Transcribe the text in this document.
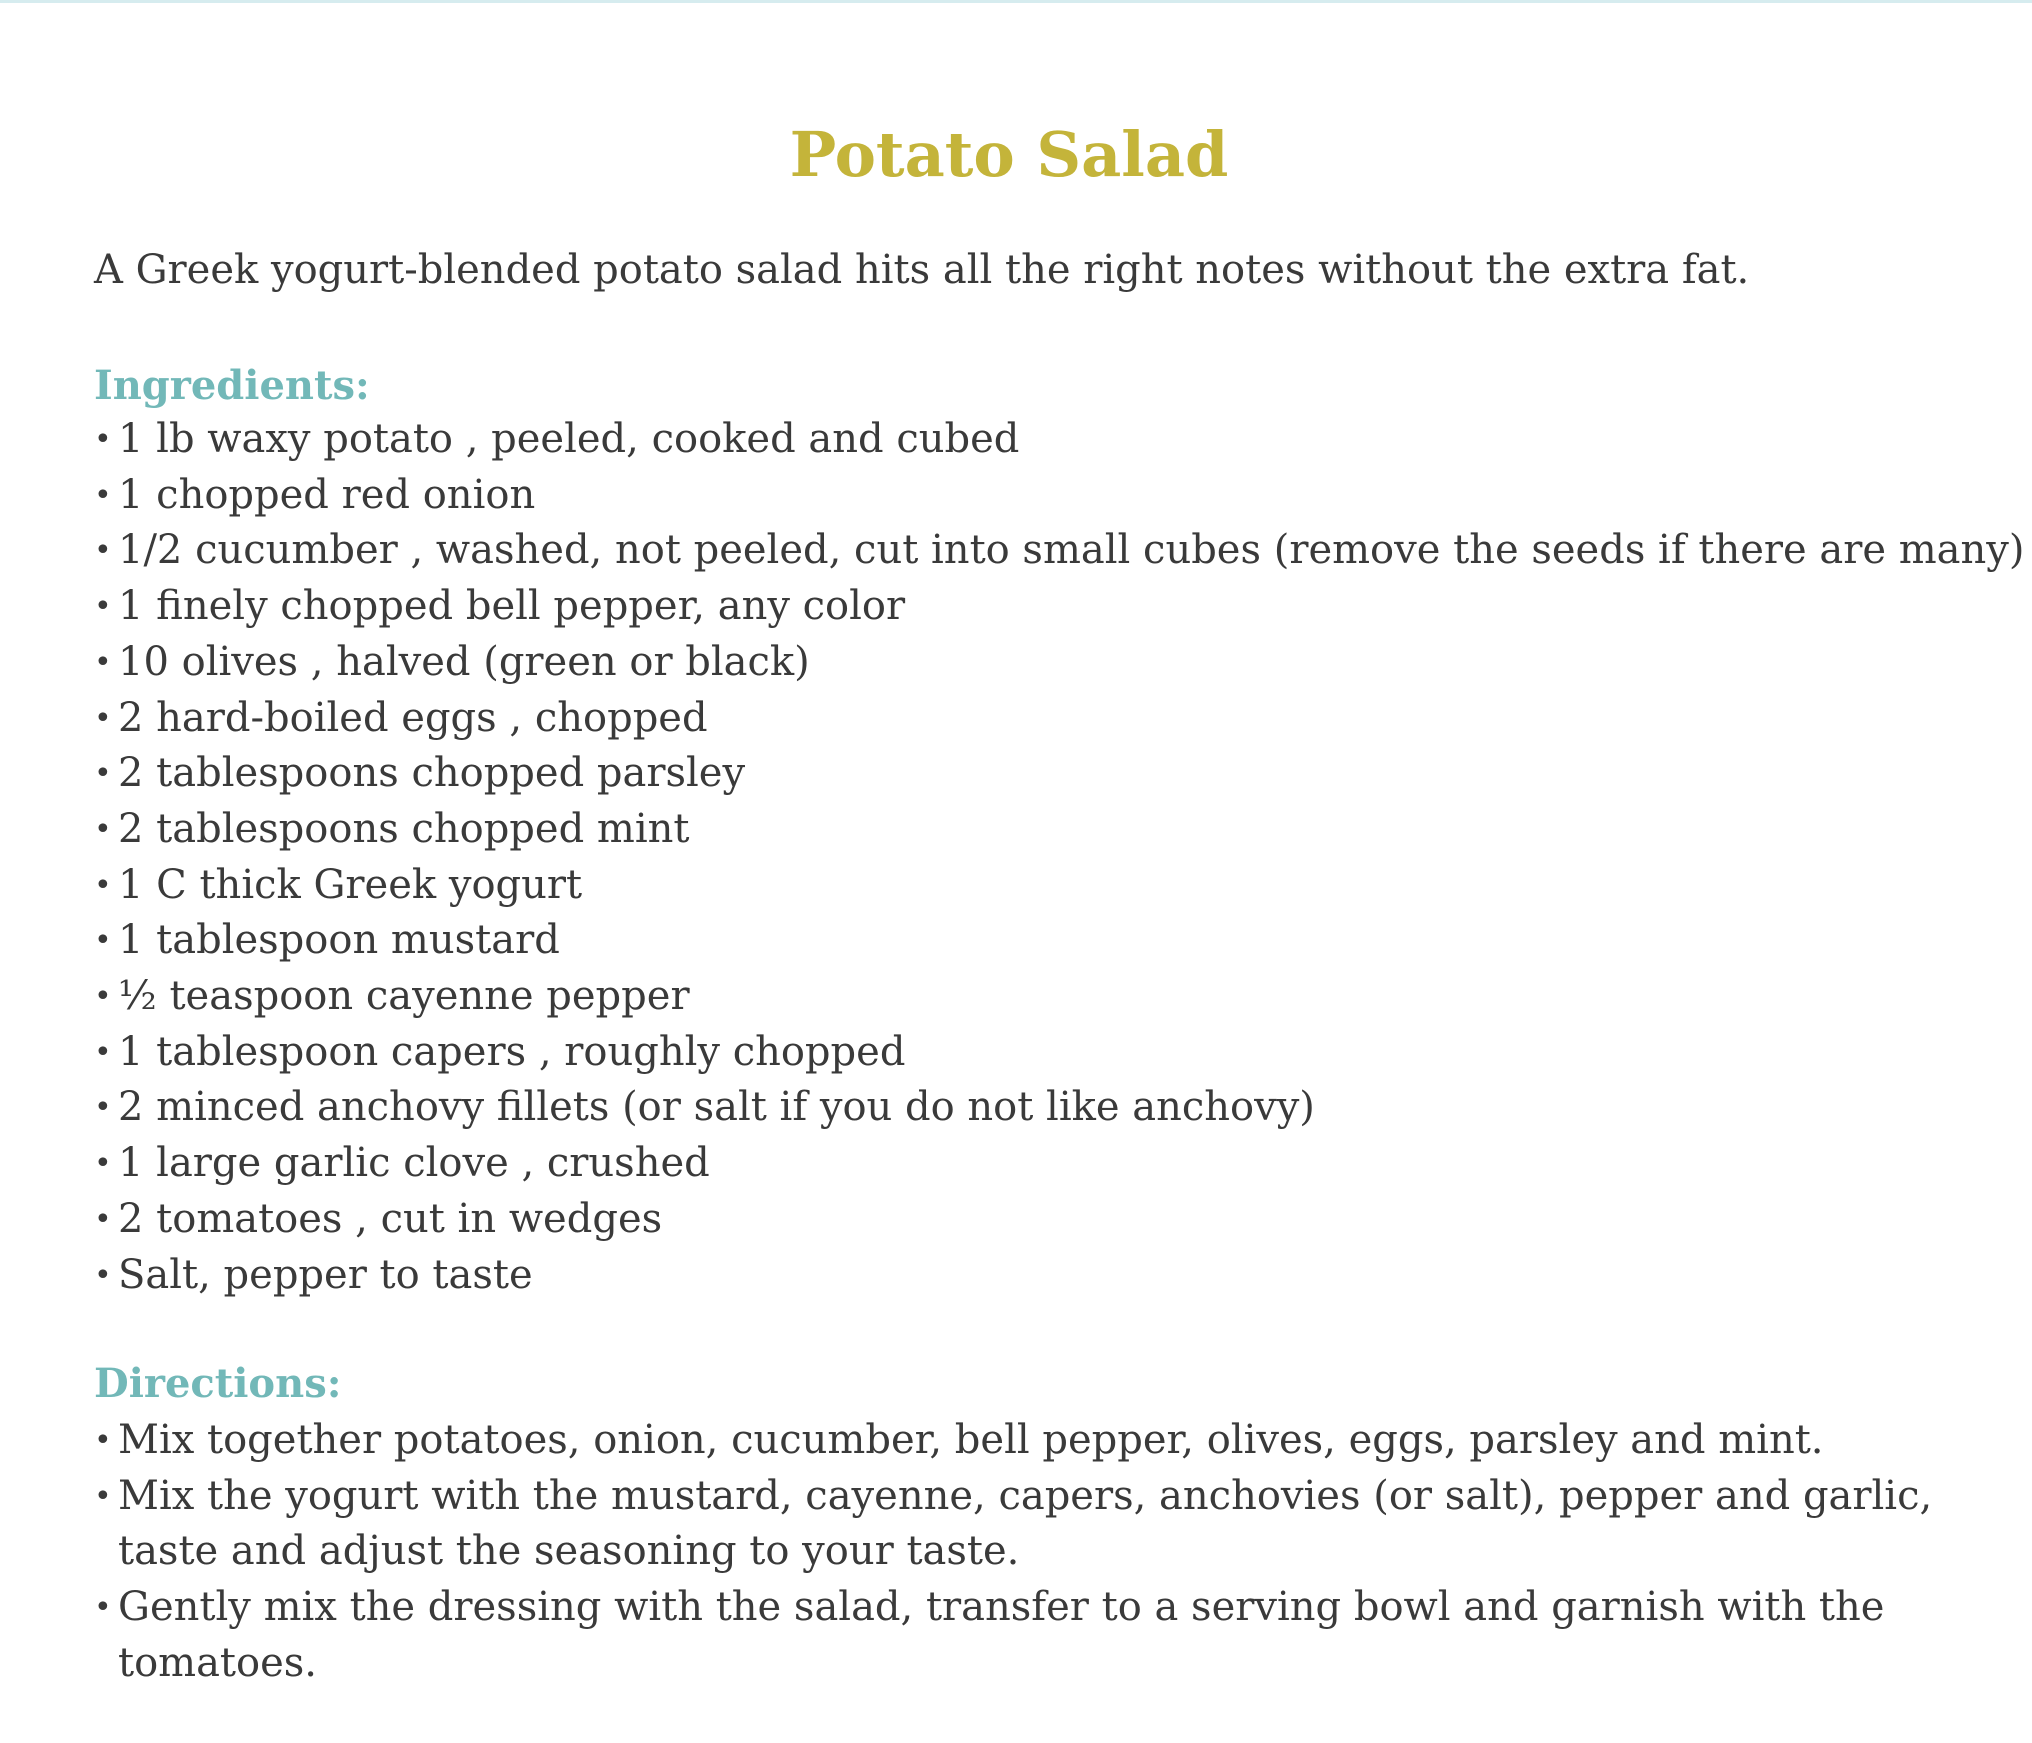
Potato Salad

A Greek yogurt-blended potato salad hits all the right notes without the extra fat.

Ingredients:
• 1 lb waxy potato , peeled, cooked and cubed
• 1 chopped red onion
• 1/2 cucumber , washed, not peeled, cut into small cubes (remove the seeds if there are many)
• 1 finely chopped bell pepper, any color
• 10 olives , halved (green or black)
• 2 hard-boiled eggs , chopped
• 2 tablespoons chopped parsley
• 2 tablespoons chopped mint
• 1 C thick Greek yogurt
• 1 tablespoon mustard
• ½ teaspoon cayenne pepper
• 1 tablespoon capers , roughly chopped
• 2 minced anchovy fillets (or salt if you do not like anchovy)
• 1 large garlic clove , crushed
• 2 tomatoes , cut in wedges
• Salt, pepper to taste
Directions:
• Mix together potatoes, onion, cucumber, bell pepper, olives, eggs, parsley and mint.
• Mix the yogurt with the mustard, cayenne, capers, anchovies (or salt), pepper and garlic, taste and adjust the seasoning to your taste.
• Gently mix the dressing with the salad, transfer to a serving bowl and garnish with the tomatoes.
